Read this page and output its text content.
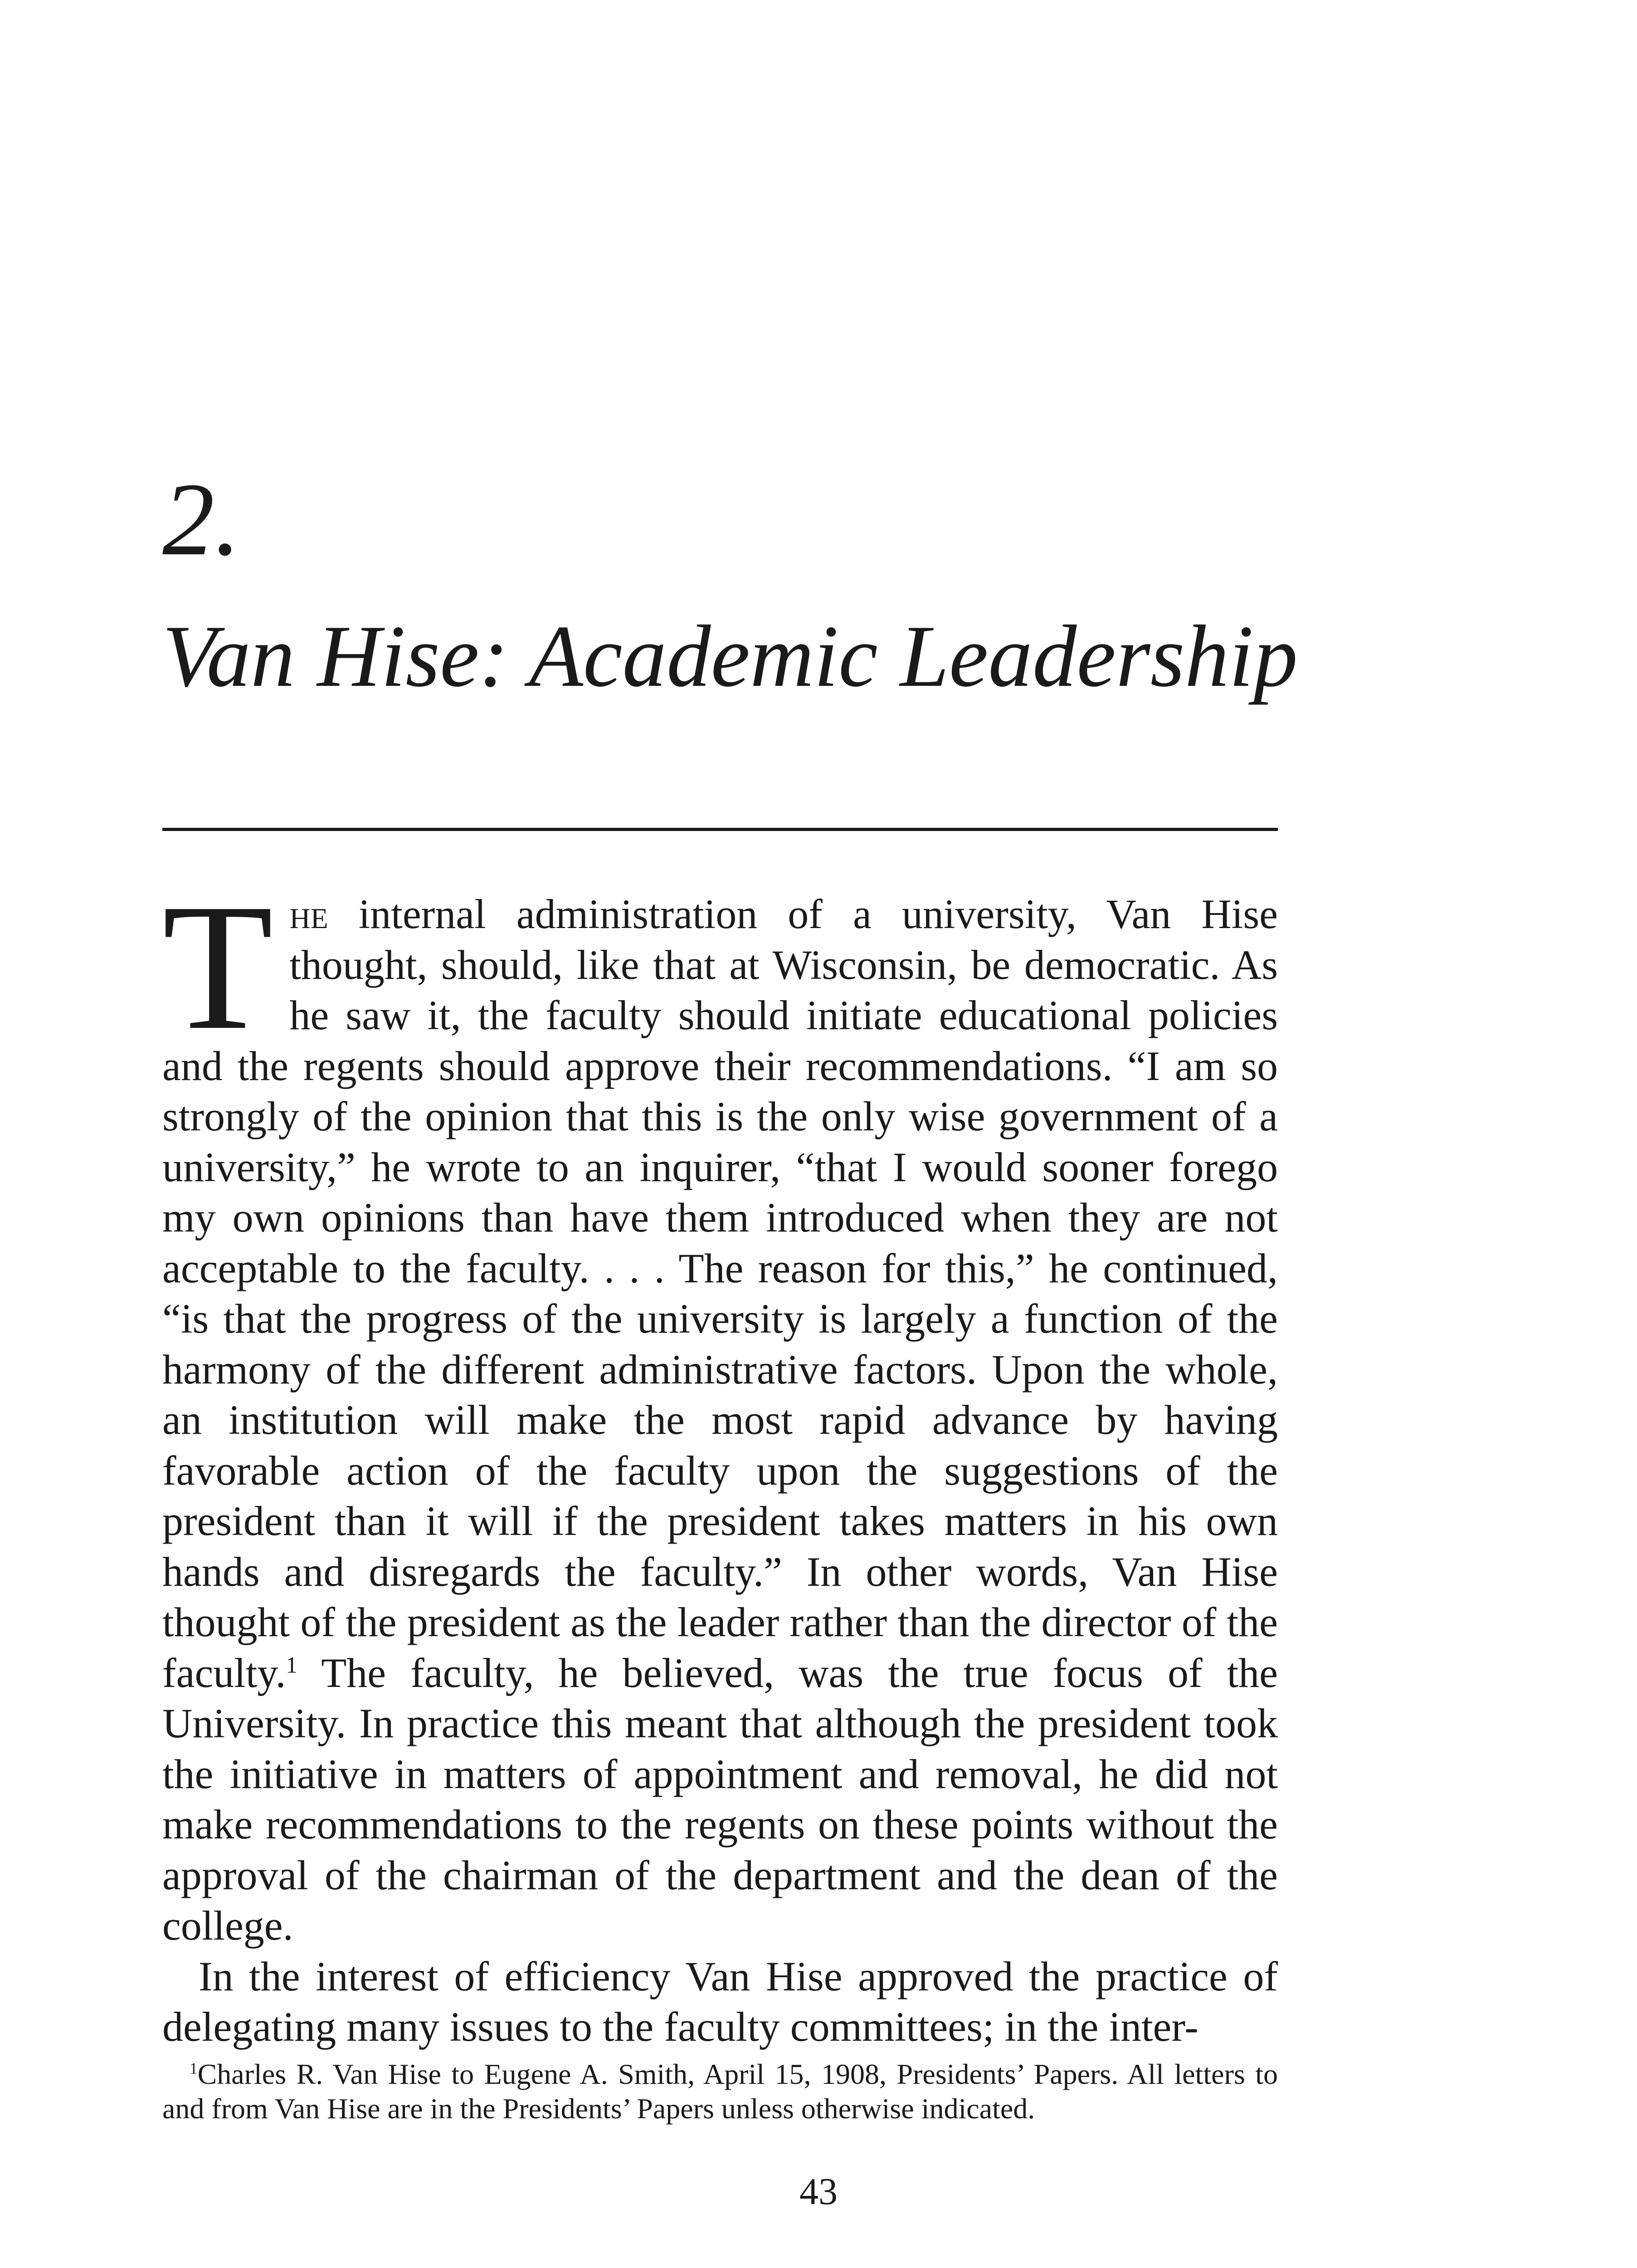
2.
Van Hise: Academic Leadership

The internal administration of a university, Van Hise thought, should, like that at Wisconsin, be democratic. As he saw it, the faculty should initiate educational policies and the regents should approve their recommendations. “I am so strongly of the opinion that this is the only wise government of a university,” he wrote to an inquirer, “that I would sooner forego my own opinions than have them introduced when they are not acceptable to the faculty. . . . The reason for this,” he continued, “is that the progress of the university is largely a function of the harmony of the different administrative factors. Upon the whole, an institution will make the most rapid advance by having favorable action of the faculty upon the suggestions of the president than it will if the president takes matters in his own hands and disregards the faculty.” In other words, Van Hise thought of the president as the leader rather than the director of the faculty.$^1$ The faculty, he believed, was the true focus of the University. In practice this meant that although the president took the initiative in matters of appointment and removal, he did not make recommendations to the regents on these points without the approval of the chairman of the department and the dean of the college.

In the interest of efficiency Van Hise approved the practice of delegating many issues to the faculty committees; in the inter-

$^1$Charles R. Van Hise to Eugene A. Smith, April 15, 1908, Presidents’ Papers. All letters to and from Van Hise are in the Presidents’ Papers unless otherwise indicated.

43
